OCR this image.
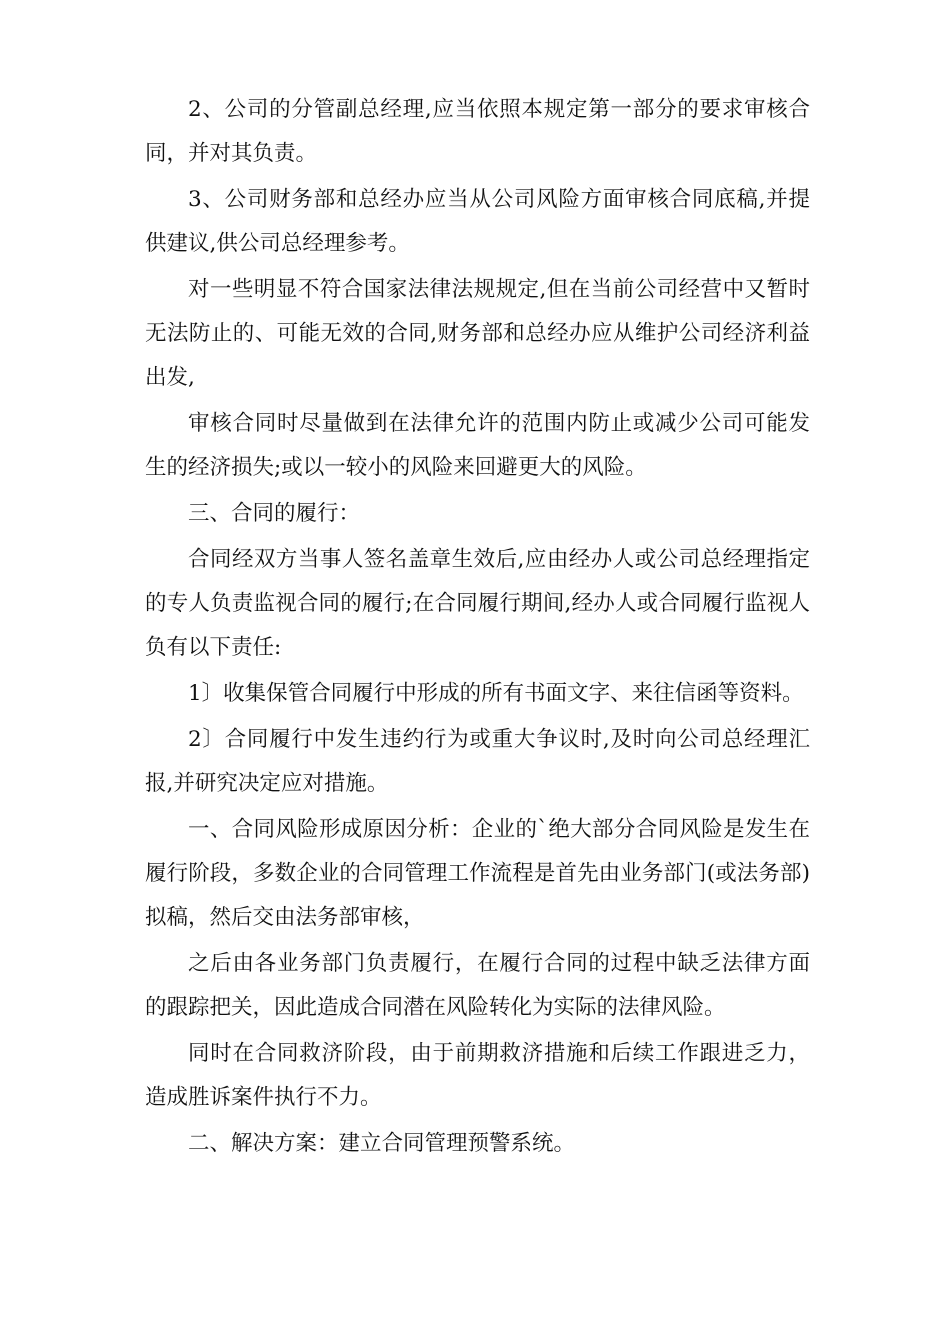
2、公司的分管副总经理,应当依照本规定第一部分的要求审核合同，并对其负责。

3、公司财务部和总经办应当从公司风险方面审核合同底稿,并提供建议,供公司总经理参考。

对一些明显不符合国家法律法规规定,但在当前公司经营中又暂时无法防止的、可能无效的合同,财务部和总经办应从维护公司经济利益出发,

审核合同时尽量做到在法律允许的范围内防止或减少公司可能发生的经济损失;或以一较小的风险来回避更大的风险。

三、合同的履行：

合同经双方当事人签名盖章生效后,应由经办人或公司总经理指定的专人负责监视合同的履行;在合同履行期间,经办人或合同履行监视人负有以下责任:

1〕收集保管合同履行中形成的所有书面文字、来往信函等资料。

2〕合同履行中发生违约行为或重大争议时,及时向公司总经理汇报,并研究决定应对措施。

一、合同风险形成原因分析：企业的`绝大部分合同风险是发生在履行阶段，多数企业的合同管理工作流程是首先由业务部门(或法务部)拟稿，然后交由法务部审核，

之后由各业务部门负责履行，在履行合同的过程中缺乏法律方面的跟踪把关，因此造成合同潜在风险转化为实际的法律风险。

同时在合同救济阶段，由于前期救济措施和后续工作跟进乏力，造成胜诉案件执行不力。

二、解决方案：建立合同管理预警系统。
